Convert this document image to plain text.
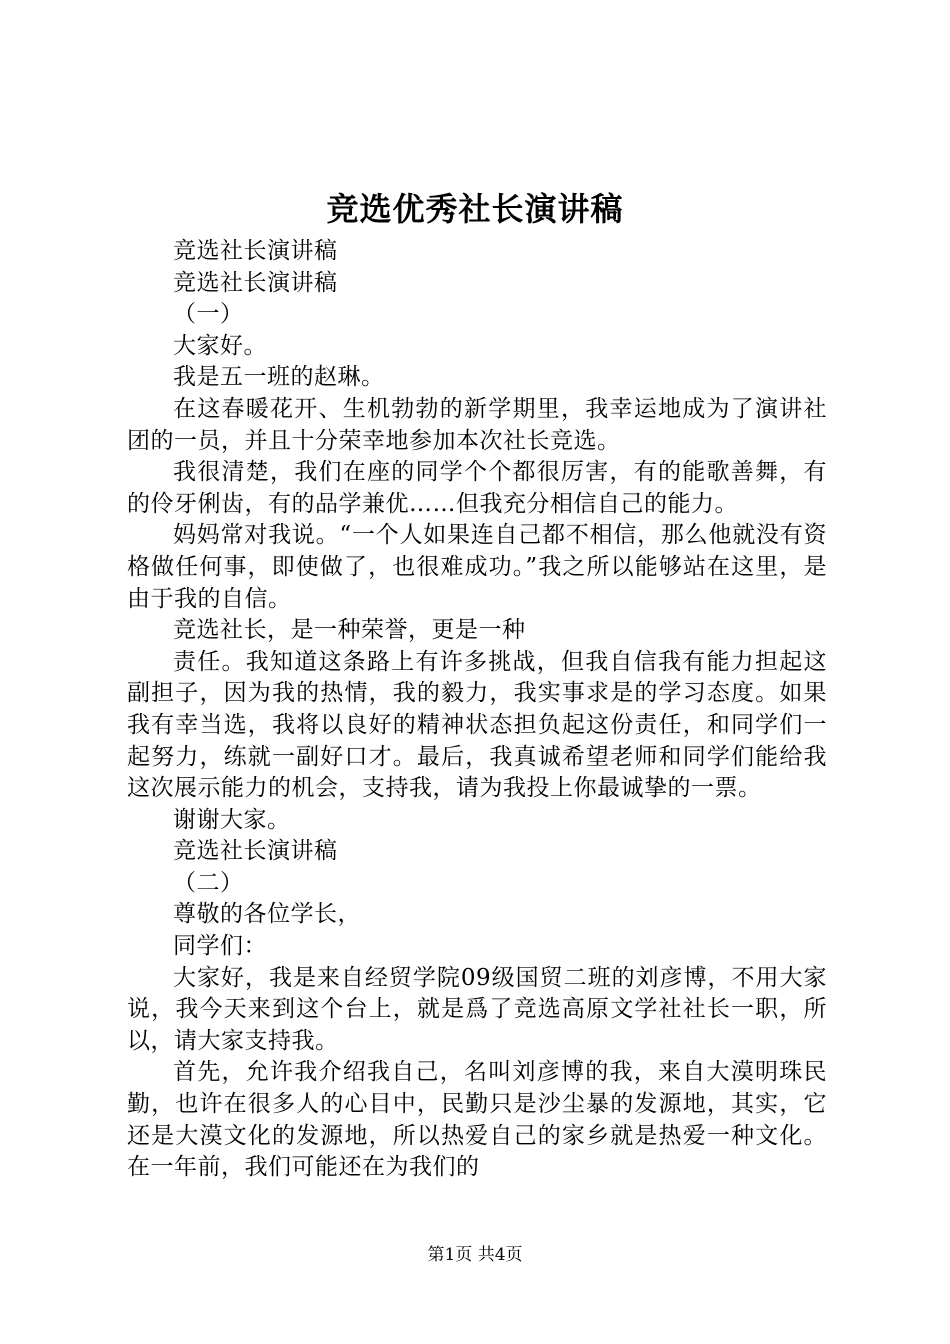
竞选优秀社长演讲稿

竞选社长演讲稿

竞选社长演讲稿

（一）

大家好。

我是五一班的赵琳。

在这春暖花开、生机勃勃的新学期里，我幸运地成为了演讲社团的一员，并且十分荣幸地参加本次社长竞选。

我很清楚，我们在座的同学个个都很厉害，有的能歌善舞，有的伶牙俐齿，有的品学兼优……但我充分相信自己的能力。

妈妈常对我说。“一个人如果连自己都不相信，那么他就没有资格做任何事，即使做了，也很难成功。”我之所以能够站在这里，是由于我的自信。

竞选社长，是一种荣誉，更是一种

责任。我知道这条路上有许多挑战，但我自信我有能力担起这副担子，因为我的热情，我的毅力，我实事求是的学习态度。如果我有幸当选，我将以良好的精神状态担负起这份责任，和同学们一起努力，练就一副好口才。最后，我真诚希望老师和同学们能给我这次展示能力的机会，支持我，请为我投上你最诚挚的一票。

谢谢大家。

竞选社长演讲稿

（二）

尊敬的各位学长，

同学们：

大家好，我是来自经贸学院09级国贸二班的刘彦博，不用大家说，我今天来到这个台上，就是爲了竞选高原文学社社长一职，所以，请大家支持我。

首先，允许我介绍我自己，名叫刘彦博的我，来自大漠明珠民勤，也许在很多人的心目中，民勤只是沙尘暴的发源地，其实，它还是大漠文化的发源地，所以热爱自己的家乡就是热爱一种文化。在一年前，我们可能还在为我们的

第1页 共4页
